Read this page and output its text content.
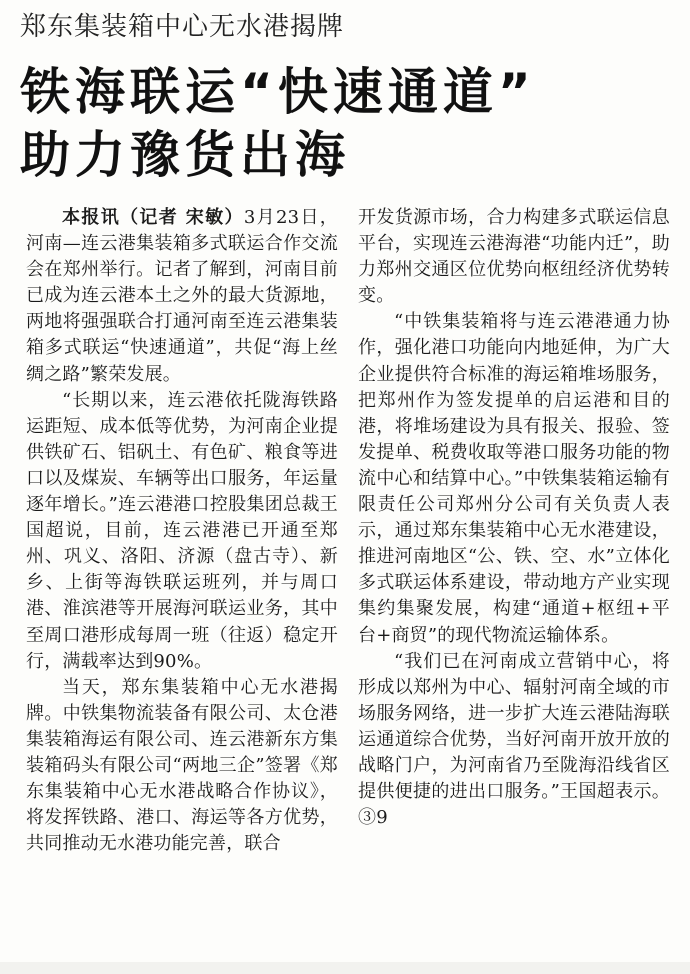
郑东集装箱中心无水港揭牌
铁海联运“快速通道”
助力豫货出海

本报讯（记者 宋敏）3月23日，河南—连云港集装箱多式联运合作交流会在郑州举行。记者了解到，河南目前已成为连云港本土之外的最大货源地，两地将强强联合打通河南至连云港集装箱多式联运“快速通道”，共促“海上丝绸之路”繁荣发展。

“长期以来，连云港依托陇海铁路运距短、成本低等优势，为河南企业提供铁矿石、铝矾土、有色矿、粮食等进口以及煤炭、车辆等出口服务，年运量逐年增长。”连云港港口控股集团总裁王国超说，目前，连云港港已开通至郑州、巩义、洛阳、济源（盘古寺）、新乡、上街等海铁联运班列，并与周口港、淮滨港等开展海河联运业务，其中至周口港形成每周一班（往返）稳定开行，满载率达到90%。

当天，郑东集装箱中心无水港揭牌。中铁集物流装备有限公司、太仓港集装箱海运有限公司、连云港新东方集装箱码头有限公司“两地三企”签署《郑东集装箱中心无水港战略合作协议》，将发挥铁路、港口、海运等各方优势，共同推动无水港功能完善，联合

开发货源市场，合力构建多式联运信息平台，实现连云港海港“功能内迁”，助力郑州交通区位优势向枢纽经济优势转变。

“中铁集装箱将与连云港港通力协作，强化港口功能向内地延伸，为广大企业提供符合标准的海运箱堆场服务，把郑州作为签发提单的启运港和目的港，将堆场建设为具有报关、报验、签发提单、税费收取等港口服务功能的物流中心和结算中心。”中铁集装箱运输有限责任公司郑州分公司有关负责人表示，通过郑东集装箱中心无水港建设，推进河南地区“公、铁、空、水”立体化多式联运体系建设，带动地方产业实现集约集聚发展，构建“通道+枢纽+平台+商贸”的现代物流运输体系。

“我们已在河南成立营销中心，将形成以郑州为中心、辐射河南全域的市场服务网络，进一步扩大连云港陆海联运通道综合优势，当好河南开放开放的战略门户，为河南省乃至陇海沿线省区提供便捷的进出口服务。”王国超表示。③9
